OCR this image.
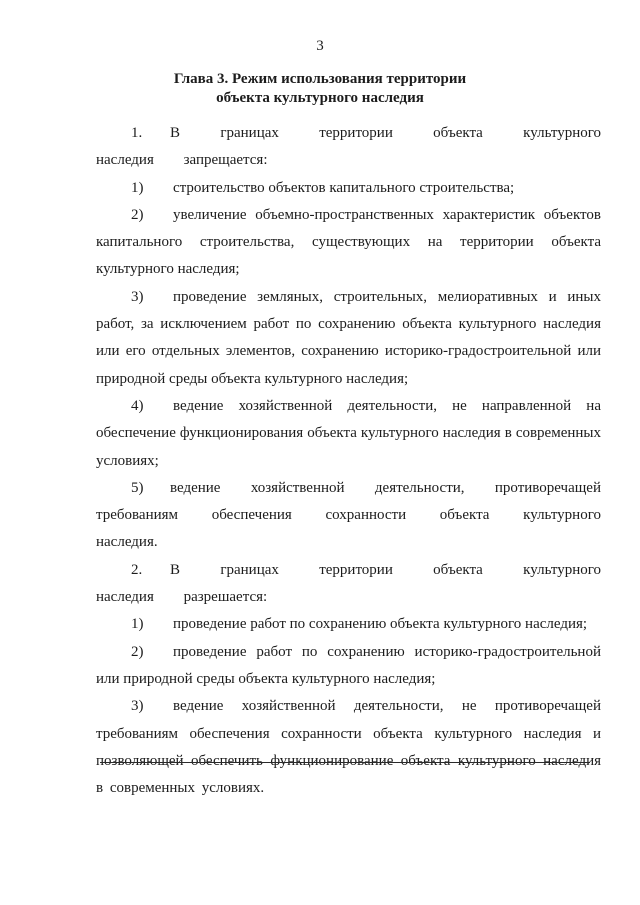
3
Глава 3. Режим использования территории
объекта культурного наследия

1. В границах территории объекта культурного наследия запрещается:

1) строительство объектов капитального строительства;

2) увеличение объемно-пространственных характеристик объектов капитального строительства, существующих на территории объекта культурного наследия;

3) проведение земляных, строительных, мелиоративных и иных работ, за исключением работ по сохранению объекта культурного наследия или его отдельных элементов, сохранению историко-градостроительной или природной среды объекта культурного наследия;

4) ведение хозяйственной деятельности, не направленной на обеспечение функционирования объекта культурного наследия в современных условиях;

5) ведение хозяйственной деятельности, противоречащей требованиям обеспечения сохранности объекта культурного наследия.

2. В границах территории объекта культурного наследия разрешается:

1) проведение работ по сохранению объекта культурного наследия;

2) проведение работ по сохранению историко-градостроительной или природной среды объекта культурного наследия;

3) ведение хозяйственной деятельности, не противоречащей требованиям обеспечения сохранности объекта культурного наследия и позволяющей обеспечить функционирование объекта культурного наследия в современных условиях.
